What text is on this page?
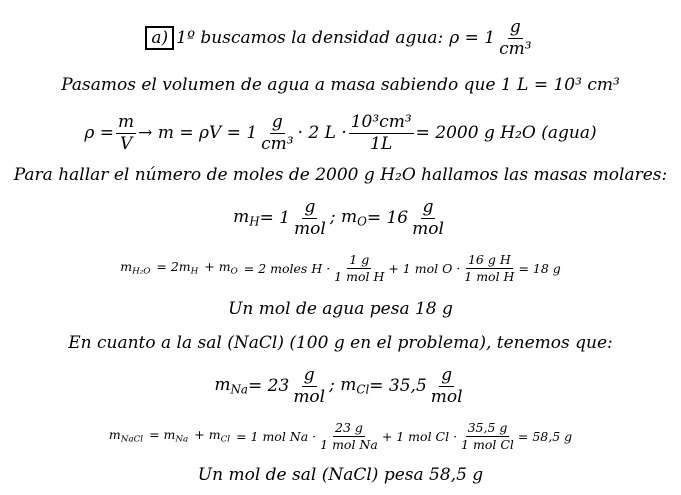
a) 1º buscamos la densidad agua: $\rho = 1 \frac{g}{\text{cm³}}$
Pasamos el volumen de agua a masa sabiendo que 1 L = 10³ cm³
$\rho = \frac{m}{V} \to m = \rho V = 1 \frac{g}{\text{cm³}} \cdot 2$ $L \cdot \frac{\text{10³cm³}}{1L} = 2000$ g H₂O (agua)
Para hallar el número de moles de 2000 g H₂O hallamos las masas molares:
$m_H = 1 \frac{g}{\text{mol}}$ ; $m_O = 16 \frac{g}{\text{mol}}$
$m_{H_2O} = 2m_H + m_O = 2$ moles $H \cdot \frac{1 g}{\text{1 mol H}} + 1$ mol $O \cdot \frac{\text{16 g H}}{\text{1 mol H}} = 18$ g
Un mol de agua pesa 18 g
En cuanto a la sal (NaCl) (100 g en el problema), tenemos que:
$m_{Na} = 23 \frac{g}{\text{mol}}$ ; $m_{Cl} = 35,5 \frac{g}{\text{mol}}$
$m_{NaCl} = m_{Na} + m_{Cl} = 1$ mol $Na \cdot \frac{23 g}{\text{1 mol Na}} + 1$ mol $Cl \cdot \frac{35,5 g}{\text{1 mol Cl}} = 58,5$ g
Un mol de sal (NaCl) pesa 58,5 g
